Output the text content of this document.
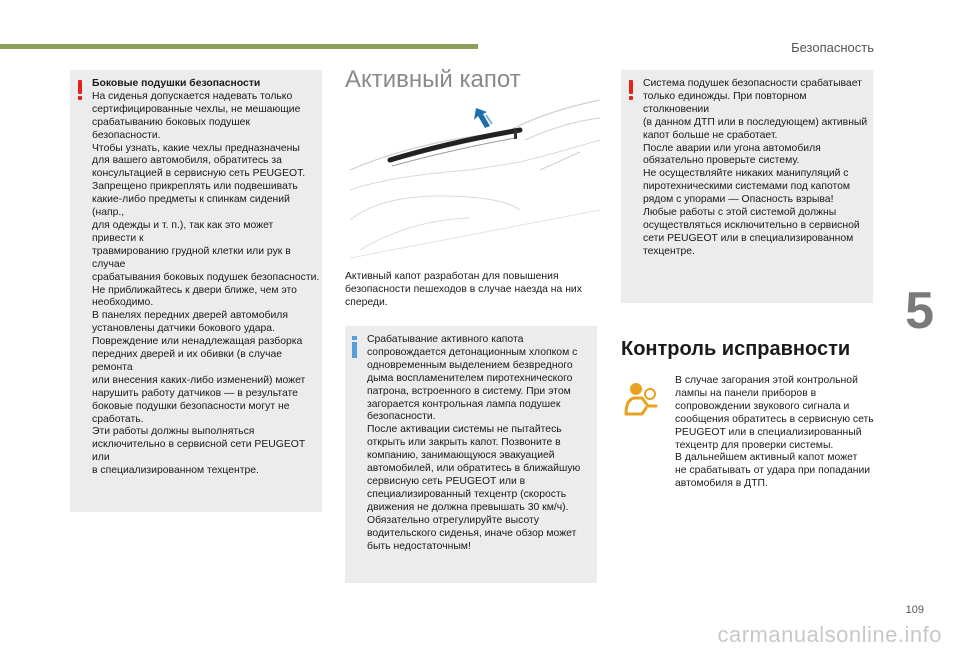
Безопасность
5

Боковые подушки безопасности

На сиденья допускается надевать только

сертифицированные чехлы, не мешающие

срабатыванию боковых подушек безопасности.

Чтобы узнать, какие чехлы предназначены

для вашего автомобиля, обратитесь за

консультацией в сервисную сеть PEUGEOT.

Запрещено прикреплять или подвешивать

какие-либо предметы к спинкам сидений (напр.,

для одежды и т. п.), так как это может привести к

травмированию грудной клетки или рук в случае

срабатывания боковых подушек безопасности.

Не приближайтесь к двери ближе, чем это

необходимо.

В панелях передних дверей автомобиля

установлены датчики бокового удара.

Повреждение или ненадлежащая разборка

передних дверей и их обивки (в случае ремонта

или внесения каких-либо изменений) может

нарушить работу датчиков — в результате

боковые подушки безопасности могут не

сработать.

Эти работы должны выполняться

исключительно в сервисной сети PEUGEOT или

в специализированном техцентре.

Активный капот

Активный капот разработан для повышения

безопасности пешеходов в случае наезда на них

спереди.

Срабатывание активного капота

сопровождается детонационным хлопком с

одновременным выделением безвредного

дыма воспламенителем пиротехнического

патрона, встроенного в систему. При этом

загорается контрольная лампа подушек

безопасности.

После активации системы не пытайтесь

открыть или закрыть капот. Позвоните в

компанию, занимающуюся эвакуацией

автомобилей, или обратитесь в ближайшую

сервисную сеть PEUGEOT или в

специализированный техцентр (скорость

движения не должна превышать 30 км/ч).

Обязательно отрегулируйте высоту

водительского сиденья, иначе обзор может

быть недостаточным!

Система подушек безопасности срабатывает

только единожды. При повторном столкновении

(в данном ДТП или в последующем) активный

капот больше не сработает.

После аварии или угона автомобиля

обязательно проверьте систему.

Не осуществляйте никаких манипуляций с

пиротехническими системами под капотом

рядом с упорами — Опасность взрыва!

Любые работы с этой системой должны

осуществляться исключительно в сервисной

сети PEUGEOT или в специализированном

техцентре.

Контроль исправности

В случае загорания этой контрольной

лампы на панели приборов в

сопровождении звукового сигнала и

сообщения обратитесь в сервисную сеть

PEUGEOT или в специализированный

техцентр для проверки системы.

В дальнейшем активный капот может

не срабатывать от удара при попадании

автомобиля в ДТП.

109
carmanualsonline.info
